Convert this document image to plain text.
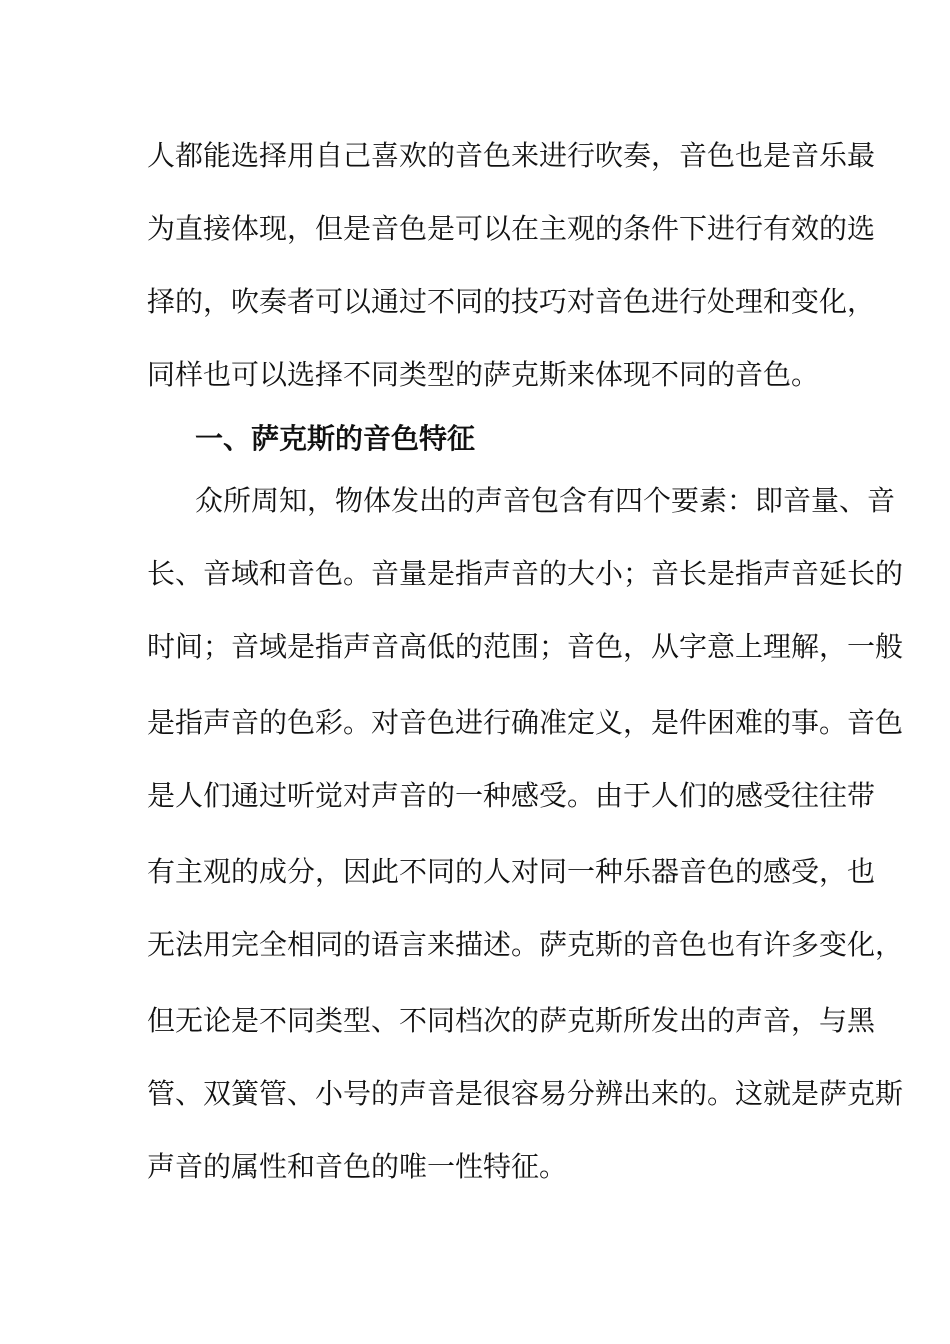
人都能选择用自己喜欢的音色来进行吹奏，音色也是音乐最
为直接体现，但是音色是可以在主观的条件下进行有效的选
择的，吹奏者可以通过不同的技巧对音色进行处理和变化，
同样也可以选择不同类型的萨克斯来体现不同的音色。
一、萨克斯的音色特征
众所周知，物体发出的声音包含有四个要素：即音量、音
长、音域和音色。音量是指声音的大小；音长是指声音延长的
时间；音域是指声音高低的范围；音色，从字意上理解，一般
是指声音的色彩。对音色进行确准定义，是件困难的事。音色
是人们通过听觉对声音的一种感受。由于人们的感受往往带
有主观的成分，因此不同的人对同一种乐器音色的感受，也
无法用完全相同的语言来描述。萨克斯的音色也有许多变化，
但无论是不同类型、不同档次的萨克斯所发出的声音，与黑
管、双簧管、小号的声音是很容易分辨出来的。这就是萨克斯
声音的属性和音色的唯一性特征。
